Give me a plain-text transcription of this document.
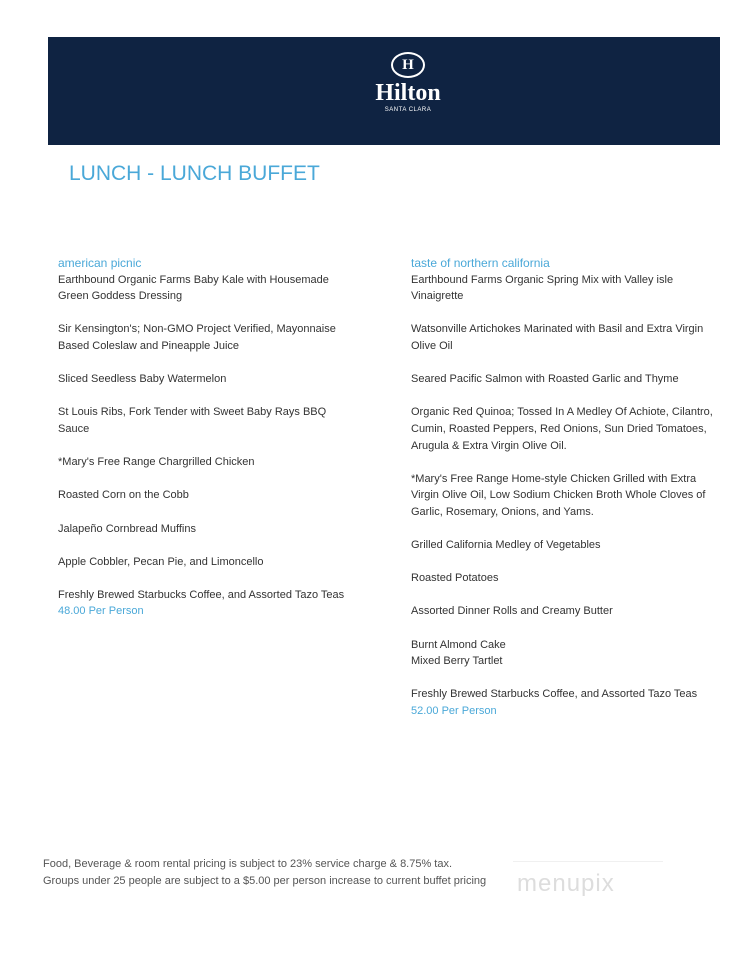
H
Hilton
SANTA CLARA
LUNCH - LUNCH BUFFET
american picnic
Earthbound Organic Farms Baby Kale with Housemade
Green Goddess Dressing
Sir Kensington's; Non-GMO Project Verified, Mayonnaise
Based Coleslaw and Pineapple Juice
Sliced Seedless Baby Watermelon
St Louis Ribs, Fork Tender with Sweet Baby Rays BBQ
Sauce
*Mary's Free Range Chargrilled Chicken
Roasted Corn on the Cobb
Jalapeño Cornbread Muffins
Apple Cobbler, Pecan Pie, and Limoncello
Freshly Brewed Starbucks Coffee, and Assorted Tazo Teas
48.00 Per Person
taste of northern california
Earthbound Farms Organic Spring Mix with Valley isle
Vinaigrette
Watsonville Artichokes Marinated with Basil and Extra Virgin
Olive Oil
Seared Pacific Salmon with Roasted Garlic and Thyme
Organic Red Quinoa; Tossed In A Medley Of Achiote, Cilantro,
Cumin, Roasted Peppers, Red Onions, Sun Dried Tomatoes,
Arugula & Extra Virgin Olive Oil.
*Mary's Free Range Home-style Chicken Grilled with Extra
Virgin Olive Oil, Low Sodium Chicken Broth Whole Cloves of
Garlic, Rosemary, Onions, and Yams.
Grilled California Medley of Vegetables
Roasted Potatoes
Assorted Dinner Rolls and Creamy Butter
Burnt Almond Cake
Mixed Berry Tartlet
Freshly Brewed Starbucks Coffee, and Assorted Tazo Teas
52.00 Per Person
Food, Beverage & room rental pricing is subject to 23% service charge & 8.75% tax.
Groups under 25 people are subject to a $5.00 per person increase to current buffet pricing menupix
